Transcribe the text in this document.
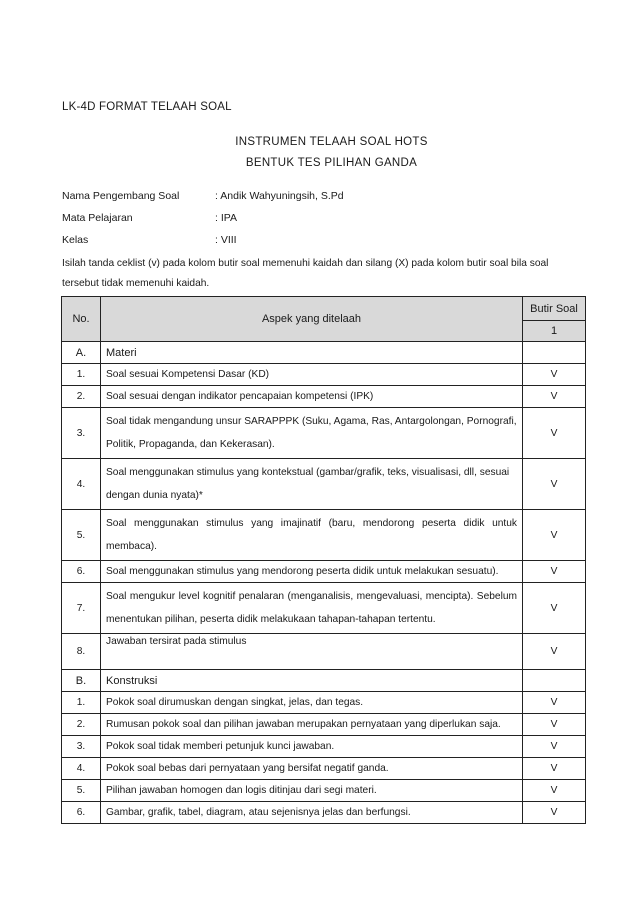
LK-4D FORMAT TELAAH SOAL
INSTRUMEN TELAAH SOAL HOTS
BENTUK TES PILIHAN GANDA
Nama Pengembang Soal	: Andik Wahyuningsih, S.Pd
Mata Pelajaran	: IPA
Kelas	: VIII
Isilah tanda ceklist (v) pada kolom butir soal memenuhi kaidah dan silang (X) pada kolom butir soal bila soal tersebut tidak memenuhi kaidah.
No.	Aspek yang ditelaah	Butir Soal
		1
A.	Materi	
1.	Soal sesuai Kompetensi Dasar (KD)	V
2.	Soal sesuai dengan indikator pencapaian kompetensi (IPK)	V
3.	Soal tidak mengandung unsur SARAPPPK (Suku, Agama, Ras, Antargolongan, Pornografi, Politik, Propaganda, dan Kekerasan).	V
4.	Soal menggunakan stimulus yang kontekstual (gambar/grafik, teks, visualisasi, dll, sesuai dengan dunia nyata)*	V
5.	Soal menggunakan stimulus yang imajinatif (baru, mendorong peserta didik untuk membaca).	V
6.	Soal menggunakan stimulus yang mendorong peserta didik untuk melakukan sesuatu).	V
7.	Soal mengukur level kognitif penalaran (menganalisis, mengevaluasi, mencipta). Sebelum menentukan pilihan, peserta didik melakukaan tahapan-tahapan tertentu.	V
8.	Jawaban tersirat pada stimulus	V
B.	Konstruksi	
1.	Pokok soal dirumuskan dengan singkat, jelas, dan tegas.	V
2.	Rumusan pokok soal dan pilihan jawaban merupakan pernyataan yang diperlukan saja.	V
3.	Pokok soal tidak memberi petunjuk kunci jawaban.	V
4.	Pokok soal bebas dari pernyataan yang bersifat negatif ganda.	V
5.	Pilihan jawaban homogen dan logis ditinjau dari segi materi.	V
6.	Gambar, grafik, tabel, diagram, atau sejenisnya jelas dan berfungsi.	V
